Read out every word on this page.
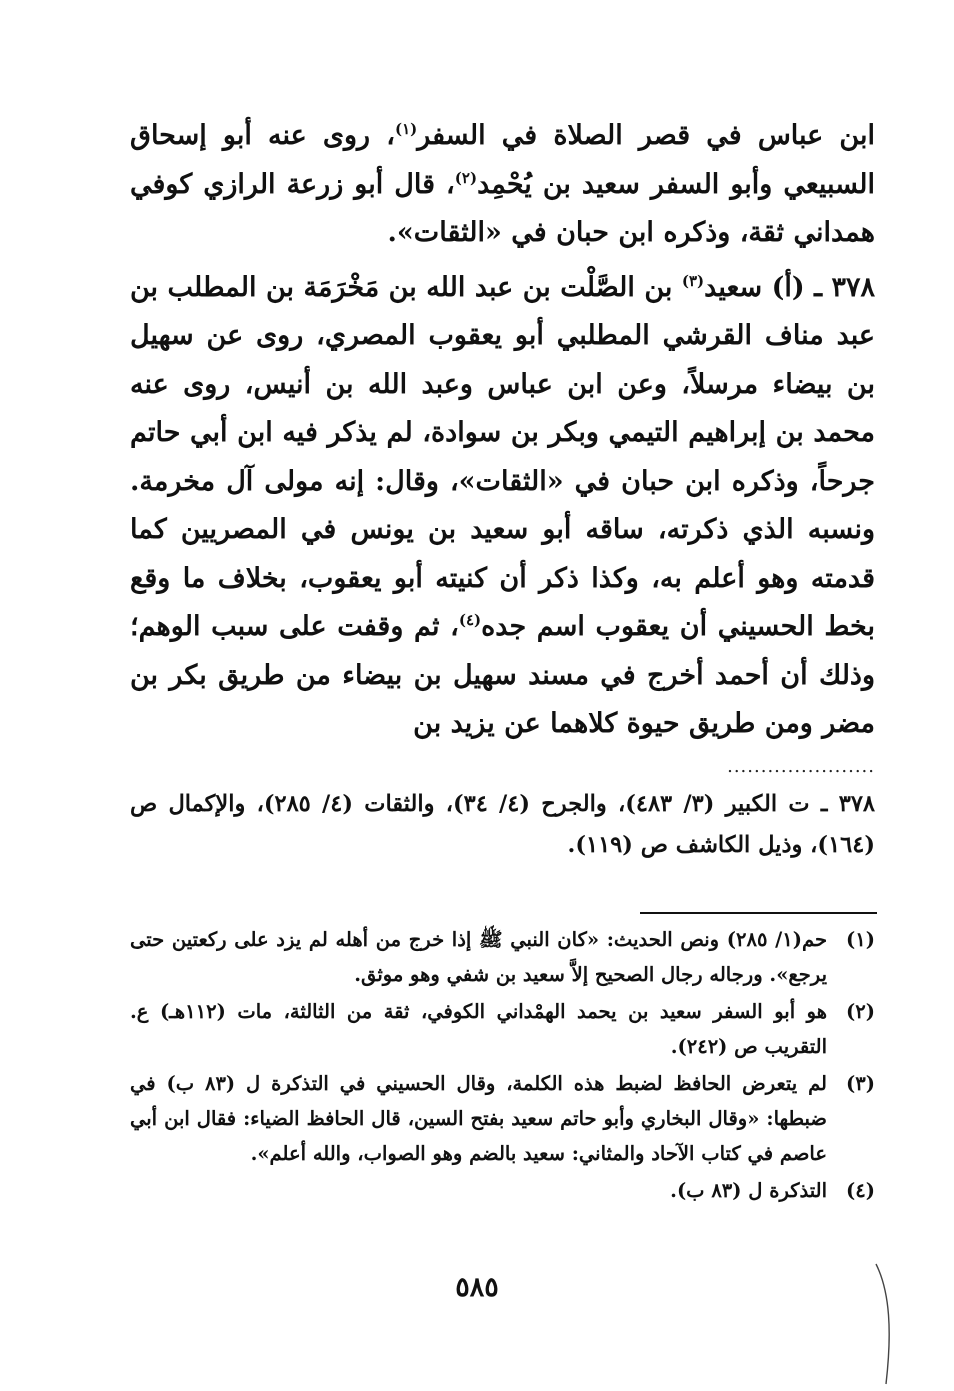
ابن عباس في قصر الصلاة في السفر$^{(١)}$، روى عنه أبو إسحاق السبيعي وأبو السفر سعيد بن يُحْمِد$^{(٢)}$، قال أبو زرعة الرازي كوفي همداني ثقة، وذكره ابن حبان في «الثقات».

٣٧٨ ـ (أ) سعيد$^{(٣)}$ بن الصَّلْت بن عبد الله بن مَخْرَمَة بن المطلب بن عبد مناف القرشي المطلبي أبو يعقوب المصري، روى عن سهيل بن بيضاء مرسلاً، وعن ابن عباس وعبد الله بن أنيس، روى عنه محمد بن إبراهيم التيمي وبكر بن سوادة، لم يذكر فيه ابن أبي حاتم جرحاً، وذكره ابن حبان في «الثقات»، وقال: إنه مولى آل مخرمة. ونسبه الذي ذكرته، ساقه أبو سعيد بن يونس في المصريين كما قدمته وهو أعلم به، وكذا ذكر أن كنيته أبو يعقوب، بخلاف ما وقع بخط الحسيني أن يعقوب اسم جده$^{(٤)}$، ثم وقفت على سبب الوهم؛ وذلك أن أحمد أخرج في مسند سهيل بن بيضاء من طريق بكر بن مضر ومن طريق حيوة كلاهما عن يزيد بن

......................

٣٧٨ ـ ت الكبير (٣/ ٤٨٣)، والجرح (٤/ ٣٤)، والثقات (٤/ ٢٨٥)، والإكمال ص (١٦٤)، وذيل الكاشف ص (١١٩).

(١)
حم(١/ ٢٨٥) ونص الحديث: «كان النبي ﷺ إذا خرج من أهله لم يزد على ركعتين حتى يرجع». ورجاله رجال الصحيح إلاَّ سعيد بن شفي وهو موثق.
(٢)
هو أبو السفر سعيد بن يحمد الهمْداني الكوفي، ثقة من الثالثة، مات (١١٢هـ) ع. التقريب ص (٢٤٢).
(٣)
لم يتعرض الحافظ لضبط هذه الكلمة، وقال الحسيني في التذكرة ل (٨٣ ب) في ضبطها: «وقال البخاري وأبو حاتم سعيد بفتح السين، قال الحافظ الضياء: فقال ابن أبي عاصم في كتاب الآحاد والمثاني: سعيد بالضم وهو الصواب، والله أعلم».
(٤)
التذكرة ل (٨٣ ب).
٥٨٥
